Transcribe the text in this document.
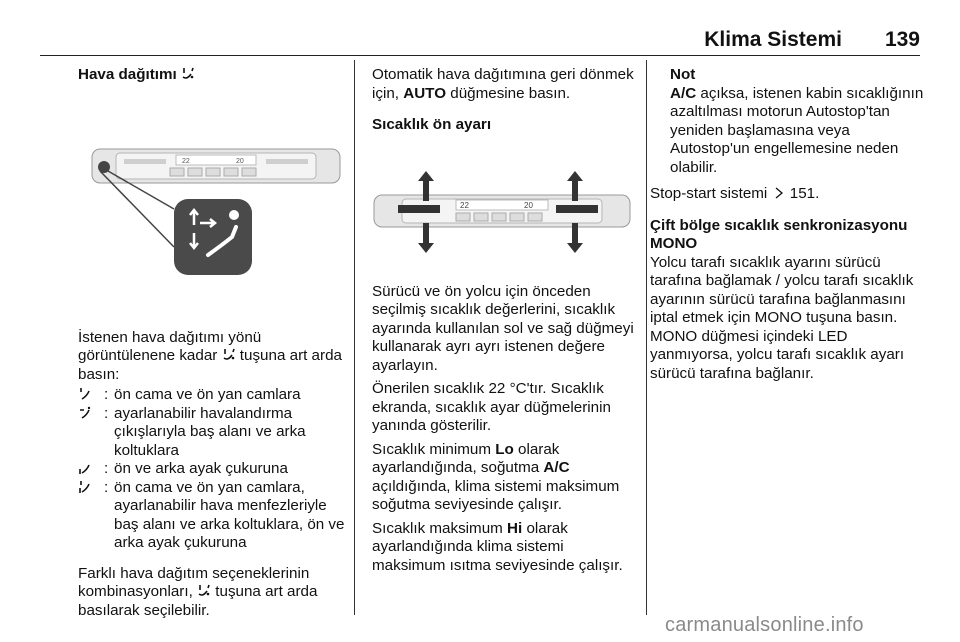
Klima Sistemi 139

Hava dağıtımı

22	20

İstenen hava dağıtımı yönü görüntülenene kadar tuşuna art arda basın:

: ön cama ve ön yan camlara
: ayarlanabilir havalandırma çıkışlarıyla baş alanı ve arka koltuklara
: ön ve arka ayak çukuruna
: ön cama ve ön yan camlara, ayarlanabilir hava menfezleriyle baş alanı ve arka koltuklara, ön ve arka ayak çukuruna

Farklı hava dağıtım seçeneklerinin kombinasyonları, tuşuna art arda basılarak seçilebilir.

Otomatik hava dağıtımına geri dönmek için, AUTO düğmesine basın.

Sıcaklık ön ayarı

22	20

Sürücü ve ön yolcu için önceden seçilmiş sıcaklık değerlerini, sıcaklık ayarında kullanılan sol ve sağ düğmeyi kullanarak ayrı ayrı istenen değere ayarlayın.

Önerilen sıcaklık 22 °C'tır. Sıcaklık ekranda, sıcaklık ayar düğmelerinin yanında gösterilir.

Sıcaklık minimum Lo olarak ayarlandığında, soğutma A/C açıldığında, klima sistemi maksimum soğutma seviyesinde çalışır.

Sıcaklık maksimum Hi olarak ayarlandığında klima sistemi maksimum ısıtma seviyesinde çalışır.

Not

A/C açıksa, istenen kabin sıcaklığının azaltılması motorun Autostop'tan yeniden başlamasına veya Autostop'un engellemesine neden olabilir.

Stop-start sistemi 151.

Çift bölge sıcaklık senkronizasyonu MONO

Yolcu tarafı sıcaklık ayarını sürücü tarafına bağlamak / yolcu tarafı sıcaklık ayarının sürücü tarafına bağlanmasını iptal etmek için MONO tuşuna basın. MONO düğmesi içindeki LED yanmıyorsa, yolcu tarafı sıcaklık ayarı sürücü tarafına bağlanır.

carmanualsonline.info
